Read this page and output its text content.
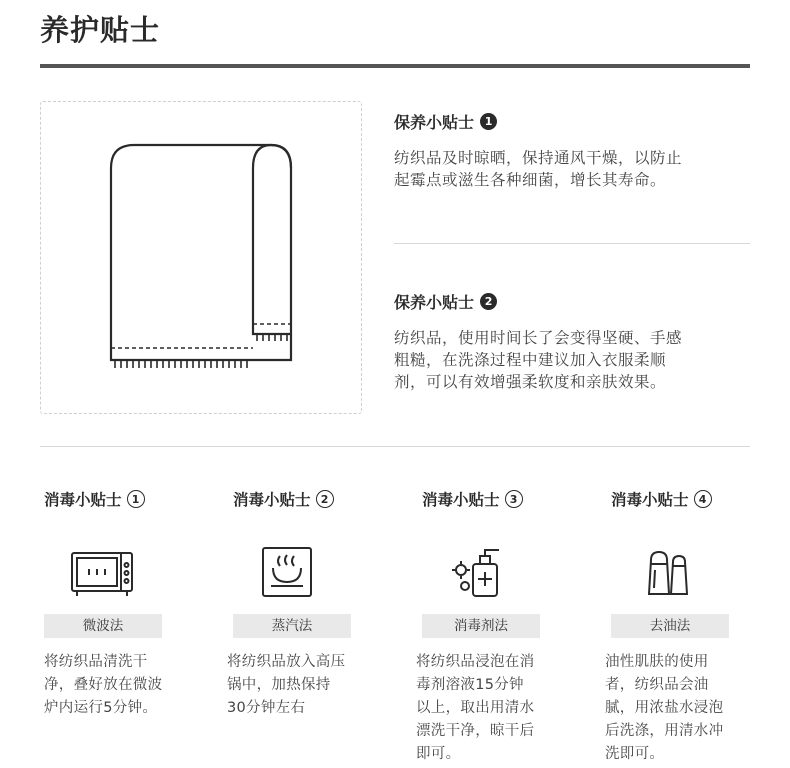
养护贴士
保养小贴士 1
纺织品及时晾晒，保持通风干燥，以防止
起霉点或滋生各种细菌，增长其寿命。
保养小贴士 2
纺织品，使用时间长了会变得坚硬、手感
粗糙，在洗涤过程中建议加入衣服柔顺
剂，可以有效增强柔软度和亲肤效果。
消毒小贴士 1
微波法
将纺织品清洗干
净，叠好放在微波
炉内运行5分钟。
消毒小贴士 2
蒸汽法
将纺织品放入高压
锅中，加热保持
30分钟左右
消毒小贴士 3
消毒剂法
将纺织品浸泡在消
毒剂溶液15分钟
以上，取出用清水
漂洗干净，晾干后
即可。
消毒小贴士 4
去油法
油性肌肤的使用
者，纺织品会油
腻，用浓盐水浸泡
后洗涤，用清水冲
洗即可。
